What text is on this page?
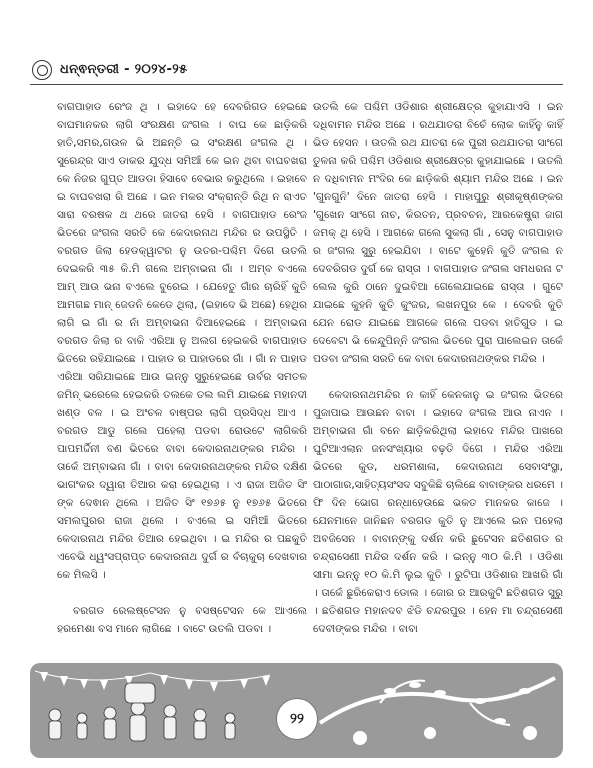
ଧନ୍ଵନ୍ତରୀ - ୨୦୨୪-୨୫

ବାଗପାହାଡ ରେଂଜ ଥି । ଇହାଦେ ହେ ଦେବରିଗଡ ହେଇଛେ ବାଘମାନକର ଲାଗି ସଂରକ୍ଷଣ ଜଂଗଲ । ବାଘ କେ ଛାଡ଼ିକରି ହାତି,ସମର,ଗଉଳ ଭି ଅଛନ୍ତି ଇ ସଂରକ୍ଷଣ ଜଂଗଲ ଥି । ସୁରେନ୍ଦ୍ର ସାଏ ଡାକର ଯୁଦ୍ଧ ସମିଆଁ କେ ଇନ ଥିବା ବାଘବଖରା କେ ନିଜର ଗୁପ୍ତ ଆଡଡା ହିସାବେ ବେଭାର କରୁଥିଲେ । ଇହାବେ ଇ ବାଘବଖରା ରି ଅଛେ । ଇନ ମକର ସଂକ୍ରାନ୍ତି ରିଥି ନ ରାଏତ ସାରା ବରଷକ ଥ ଥରେ ଜାତରା ହେସି । ବାଗପାହାଡ ରେଂଜ ଭିତରେ ଜଂଗଲ ସରତି କେ କେଦାରନାଥ ମନ୍ଦିର ର ଉପସ୍ଥିତି । ବରଗଡ ଜିଲା ହେଡକ୍ୱାଟର ନୁ ଉତର-ପଶ୍ଚିମ ଦିଗେ ଉତଲି ଦେଇକରି ୩୫ କି.ମି ଗଲେ ଅମ୍ବାଭନା ଗାଁ । ଅମ୍ବ ବଏଲେ ଆମ୍ ଆଉ ଭନା ବଏଲେ ବୁରେଇ । ଯେହେତୁ ଗାଁର ଚାରିହିଁ କୁତି ଆମଗଛ ମାନ୍ ଜେଡନି କେଡେ ଥିଲା, (ଇହାଦେ ଭି ଅଛେ) ହେଥିର ଲାଗି ଇ ଗାଁ ର ନାଁ ଅମ୍ବାଭନା ଦିଆହେଇଛେ । ଅମ୍ବାଭନା ବରଗଡ ଜିଲା ର ବାକି ଏରିଆ ନୁ ଅଲଗ ହେଇକରି ବାଗପାହାଡ ଭିତରେ ରହିଯାଇଛେ । ପାହାଡ ର ପାହାଡରେ ଗାଁ । ଗାଁ ନ ପାହାଡ ଏରିଆ ସରିଯାଇଛେ ଆଉ ଇନ୍ନୁ ସୁରୁହେଇଛେ ଉର୍ବର ସମତଳ ଜମିନ୍ ଭରେଲେ ହେଇକରି ତଲକେ ତଲ ଲମି ଯାଇଛେ ମହାନଦୀ ଖଣ୍ଡ ବଳ । ଇ ଅଂଚଳ ବାଷ୍ପର ଲାଗି ପ୍ରସିଦ୍ଧ ଆଏ । ବରଗଡ ଆଡୁ ଗଲେ ପହେଲା ପଡବା ରୋଉଟେ ଲାଗିକରି ପାପମର୍ଦ୍ଦିନୀ ବଣ ଭିତରେ ବାବା କେଦାରନାଥଙ୍କର ମନ୍ଦିର । ତାକେଁ ଅମ୍ବାଭନା ଗାଁ । ବାବା କେଦାରନାଥଙ୍କର ମନ୍ଦିର ଦକ୍ଷିଣ ଭାଗଂକର ଦ୍ୱାରା ତିଆର କରା ହେଇଥିଲା । ଏ ରାଜା ଅଜିତ ସିଂ ଙ୍କ ଦେଵାନ ଥିଲେ । ଅଜିତ ସିଂ ୧୭୬୫ ନୁ ୧୭୬୫ ଭିତରେ ସମଲପୁରର ରାଜା ଥିଲେ । ବଏଲେ ଇ ସମିଆଁ ଭିତରେ କେଦାରନାଥ ମନ୍ଦିର ତିଆର ହେଇଥିବା । ଇ ମନ୍ଦିର ର ପଛକୁତି ଏବେଭି ଧ୍ୱଂସପ୍ରାପ୍ତ କେଦାରନାଥ ଦୁର୍ଗ ର ବଁଚାକୁଚା ଦେଖବାର କେ ମିଲସି ।

ବରଗଡ ରେଲଷ୍ଟେସନ ନୁ ବସଷ୍ଟେସନ କେ ଆଏଲେ ହରମେଶା ବସ ମାନେ ଲାଗିଛେ । ବାଟେ ଉତଲି ପଡବା ।

ଉତଲି କେ ପଶ୍ଚିମ ଓଡିଶାର ଶ୍ରୀକ୍ଷେତ୍ର କୁହାଯାଏସି । ଇନ ଦଧିବାମନ ମନ୍ଦିର ଅଛେ । ରଥଯାତରା ବିଚେଁ ଲୋକ କାହିଁନୁ କାହିଁ ଭିଡ ହେସନ । ଉତଲି ରଥ ଯାତରା କେ ପୁରୀ ରଥଯାତରା ସାଂଗେ ତୁଳନା କରି ପଶ୍ଚିମ ଓଡିଶାର ଶ୍ରୀକ୍ଷେତ୍ର କୁହାଯାଇଛେ । ଉତଲି ନ ଦଧିବାମନ ମଂଦିର କେ ଛାଡ଼ିକରି ଶ୍ୟାମ ମନ୍ଦିର ଅଛେ । ଇନ 'ଗୁନଗୁନି' ଦିନେ ଜାତରା ହେସି । ମାହାପୁରୁ ଶ୍ରୀକୃଷ୍ଣଙ୍କର 'ଗୁଖେନ ସାଂଗେ ନାଚ, କିରତନ, ପ୍ରବଚନ, ଆରକେଷ୍ଟ୍ରା ଜାଗ ଜମକ୍ ଥି ହେସି । ଆଗକେ ଗଲେ ସୁକଲା ଗାଁ , ସେନୁ ବାଗପାହାଡ ର ଜଂଗଲ ସୁରୁ ହେଇଯିବା । ବାଟେ କୁହେନି କୁତି ଜଂଗଲ ନ ଦେବରିଗଡ ଦୁର୍ଗ କେ ରାସ୍ତା । ବାଗପାହାଡ ଜଂଗଲ ସମଧରନା ଟ ଲେଲ କୁରି ଠାନେ ଦୁଇବିଆ ଗେଲେଯାଇଛେ ରାସ୍ତା । ଗୁଟେ ଯାଇଛେ କୁହନି କୁତି କୁଂଜର, ଲଖନପୁର କେ । ଦେବରି କୁତି ଯେନ ରୋଡ ଯାଇଛେ ଆଗକେ ଗଲେ ପଡବା ହାତିଗୁଡ । ଇ ଦେବେଟା ଭି କେନ୍ଦୁପିନ୍ନି ଜଂଗଲ ଭିତରେ ପୁରା ପାଲେଇନ ତାକେଁ ପଡବା ଜଂଗଲ ସରତି କେ ବାବା କେଦାରନାଥଙ୍କର ମନ୍ଦିର ।

କେଦାରନାଥମନ୍ଦିର ନ କାହିଁ କେନକାନୁ ଇ ଜଂଗଲ ଭିତରେ ପୁଜାପାଇ ଆଉଛନ ବାବା । ଇହାଦେ ଜଂଗଲ ଆଉ ନାଏନ । ଅମ୍ବାଭନା ଗାଁ ବନେ ଛାଡ଼ିକରିଥିଲା ଇହାଦେ ମନ୍ଦିର ପାଖରେ ଘୁଟିଆଏଲାନ ଜନସଂଖ୍ୟାର ବଢ଼ତି ଦିଗେ । ମନ୍ଦିର ଏରିଆ ଭିତରେ କୁଡ, ଧରମଶାଳା, କେଦାରନାଥ ସେବାସଂସ୍ଥା, ପାଠାଗାର,ସାହିତ୍ୟସଂସଦ ସବୁକିଛି ଚାଲିଛେ ବାବାଙ୍କର ଧରମେ । ଫି ଦିନ ଭୋଗ ରନ୍ଧାହେଉଛେ ଭକତ ମାନକର କାଜେ । ଯେନମାନେ ଜାନିଛନ ବରଗଡ କୁତି ନୁ ଆଏଲେ ଇନ ପହେଲା ଅବଜିସେନ । ବାବାନ୍ଙ୍କୁ ଦର୍ଶନ କରି ଛୁଟେସନ ଛତିଶଗଡ ର ଚନ୍ଦ୍ରାସେଣୀ ମନ୍ଦିର ଦର୍ଶନ କରି । ଇନ୍ନୁ ୩୦ କି.ମି । ଓଡିଶା ସୀମା ଇନ୍ନୁ ୧୦ କି.ମି ଲୁଇ କୁତି । ରୁଟିପା ଓଡିଶାର ଆଖରି ଗାଁ । ତାକେଁ ଛୁରିକେରାଏ ଡୋଲ । ଜୋର ର ଆରକୁଟି ଛତିଶଗଡ ସୁରୁ । ଛତିଶଗଡ ମହାନଦବ ଝଁଡି ଚନ୍ଦରପୁର । ହେନ ମା ଚନ୍ଦ୍ରାସେଣୀ ଦେବୀଙ୍କର ମନ୍ଦିର । ବାବା

୨୨
